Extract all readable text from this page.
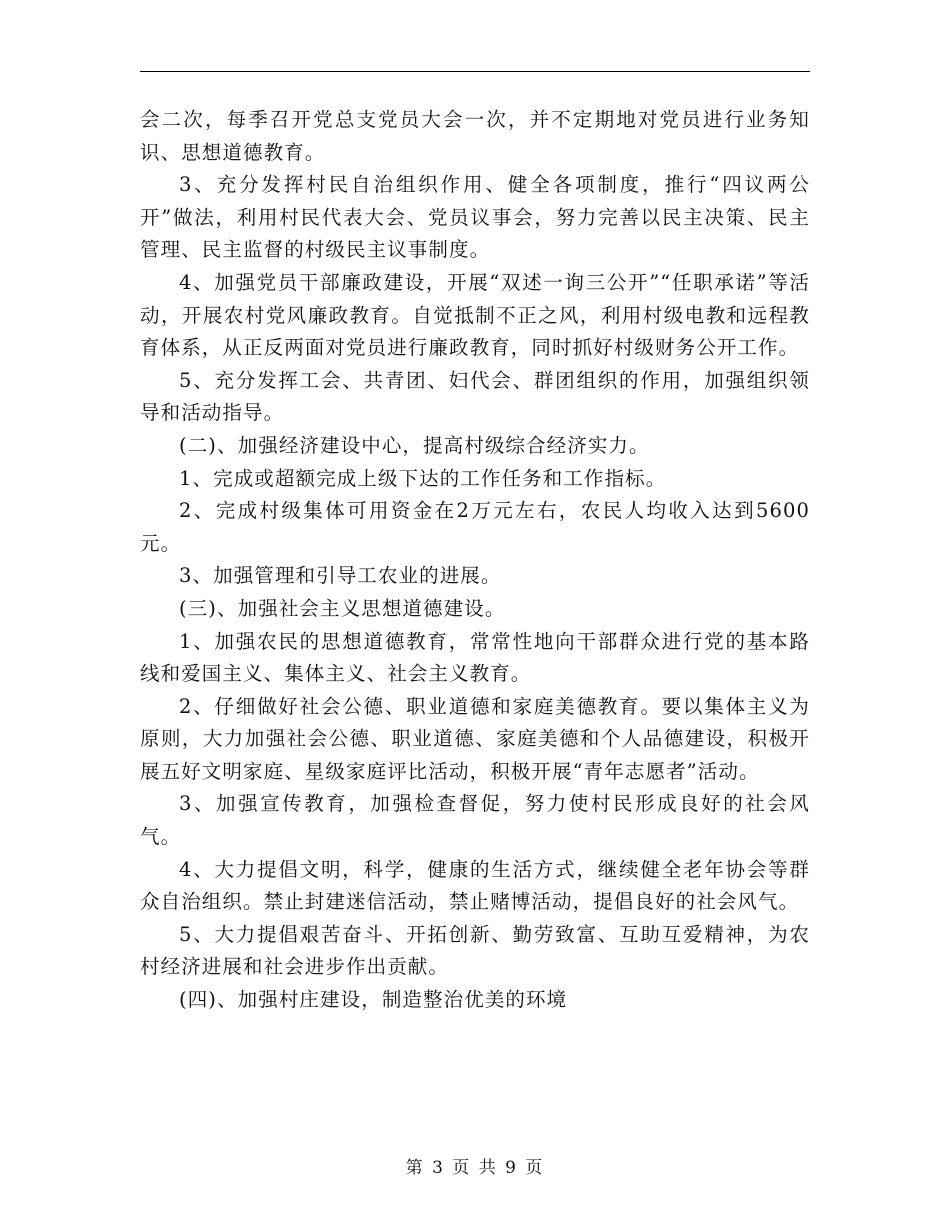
会二次，每季召开党总支党员大会一次，并不定期地对党员进行业务知识、思想道德教育。

3、充分发挥村民自治组织作用、健全各项制度，推行“四议两公开”做法，利用村民代表大会、党员议事会，努力完善以民主决策、民主管理、民主监督的村级民主议事制度。

4、加强党员干部廉政建设，开展“双述一询三公开”“任职承诺”等活动，开展农村党风廉政教育。自觉抵制不正之风，利用村级电教和远程教育体系，从正反两面对党员进行廉政教育，同时抓好村级财务公开工作。

5、充分发挥工会、共青团、妇代会、群团组织的作用，加强组织领导和活动指导。

(二)、加强经济建设中心，提高村级综合经济实力。

1、完成或超额完成上级下达的工作任务和工作指标。

2、完成村级集体可用资金在2万元左右，农民人均收入达到5600元。

3、加强管理和引导工农业的进展。

(三)、加强社会主义思想道德建设。

1、加强农民的思想道德教育，常常性地向干部群众进行党的基本路线和爱国主义、集体主义、社会主义教育。

2、仔细做好社会公德、职业道德和家庭美德教育。要以集体主义为原则，大力加强社会公德、职业道德、家庭美德和个人品德建设，积极开展五好文明家庭、星级家庭评比活动，积极开展“青年志愿者”活动。

3、加强宣传教育，加强检查督促，努力使村民形成良好的社会风气。

4、大力提倡文明，科学，健康的生活方式，继续健全老年协会等群众自治组织。禁止封建迷信活动，禁止赌博活动，提倡良好的社会风气。

5、大力提倡艰苦奋斗、开拓创新、勤劳致富、互助互爱精神，为农村经济进展和社会进步作出贡献。

(四)、加强村庄建设，制造整治优美的环境

第 3 页 共 9 页
